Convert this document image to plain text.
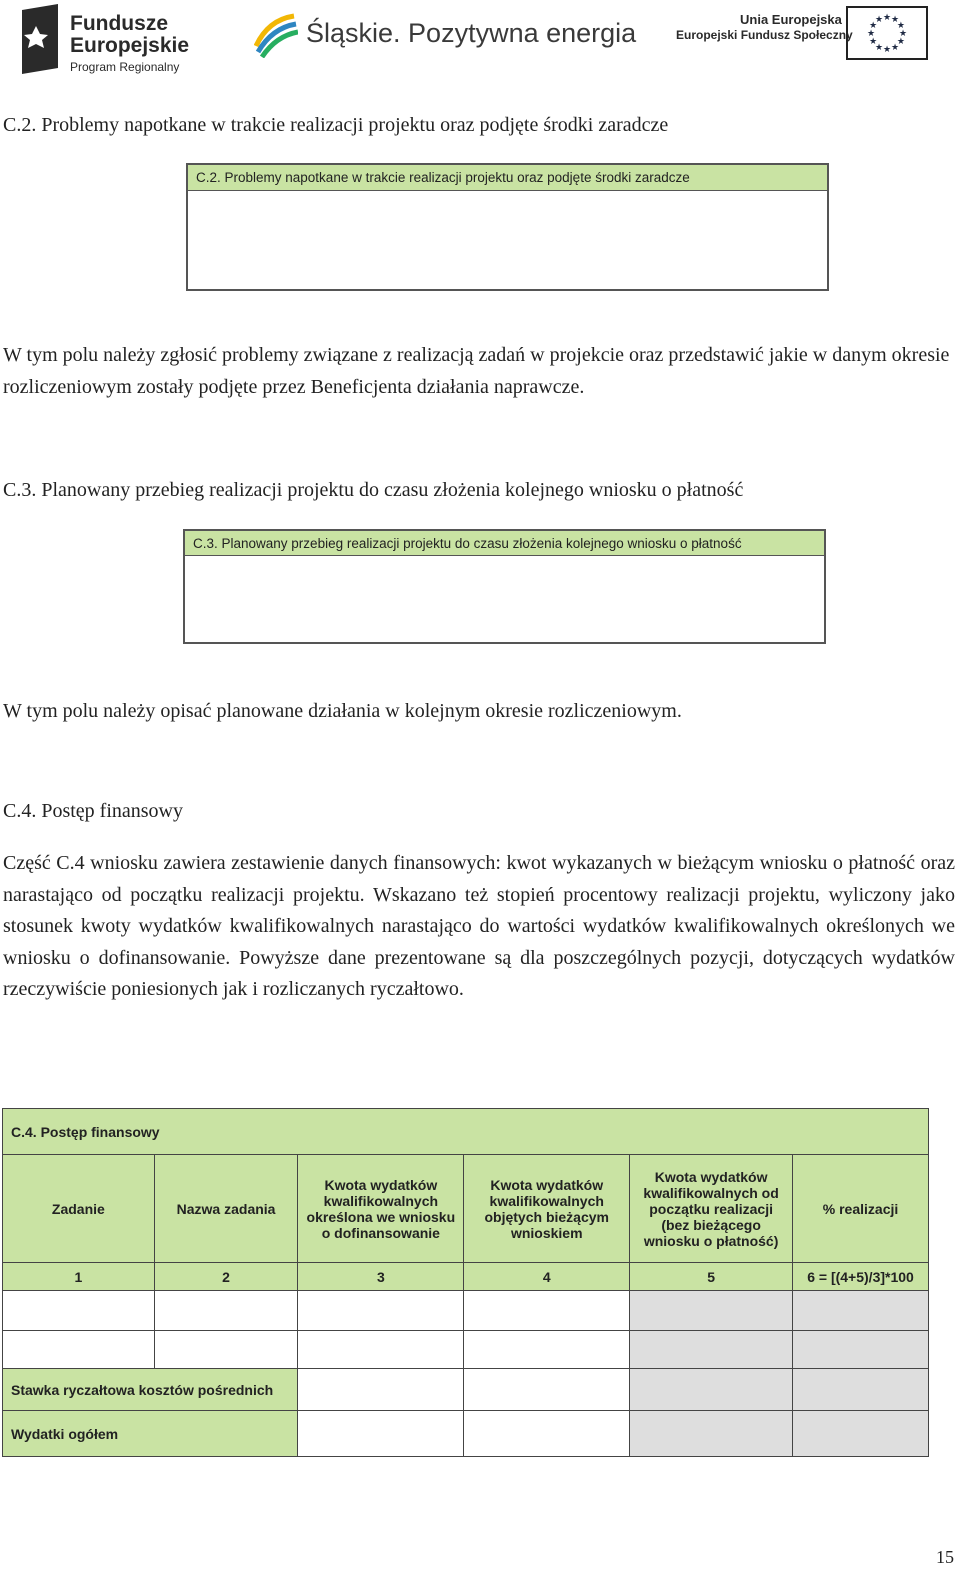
Fundusze
Europejskie
Program Regionalny
Śląskie. Pozytywna energia	Unia Europejska
Europejski Fundusz Społeczny	★
★
★
★
★
★
★
★
★ ★ ★
★
C.2. Problemy napotkane w trakcie realizacji projektu oraz podjęte środki zaradcze
C.2. Problemy napotkane w trakcie realizacji projektu oraz podjęte środki zaradcze
W tym polu należy zgłosić problemy związane z realizacją zadań w projekcie oraz przedstawić jakie w danym okresie rozliczeniowym zostały podjęte przez Beneficjenta działania naprawcze.
C.3. Planowany przebieg realizacji projektu do czasu złożenia kolejnego wniosku o płatność
C.3. Planowany przebieg realizacji projektu do czasu złożenia kolejnego wniosku o płatność
W tym polu należy opisać planowane działania w kolejnym okresie rozliczeniowym.
C.4. Postęp finansowy
Część C.4 wniosku zawiera zestawienie danych finansowych: kwot wykazanych w bieżącym wniosku o płatność oraz narastająco od początku realizacji projektu. Wskazano też stopień procentowy realizacji projektu, wyliczony jako stosunek kwoty wydatków kwalifikowalnych narastająco do wartości wydatków kwalifikowalnych określonych we wniosku o dofinansowanie. Powyższe dane prezentowane są dla poszczególnych pozycji, dotyczących wydatków rzeczywiście poniesionych jak i rozliczanych ryczałtowo.
C.4. Postęp finansowy					
Zadanie	Nazwa zadania	Kwota wydatków kwalifikowalnych określona we wniosku o dofinansowanie	Kwota wydatków kwalifikowalnych objętych bieżącym wnioskiem	Kwota wydatków kwalifikowalnych od początku realizacji (bez bieżącego wniosku o płatność)	% realizacji
1	2	3	4	5	6 = [(4+5)/3]*100

Stawka ryczałtowa kosztów pośrednich					
Wydatki ogółem					
15
